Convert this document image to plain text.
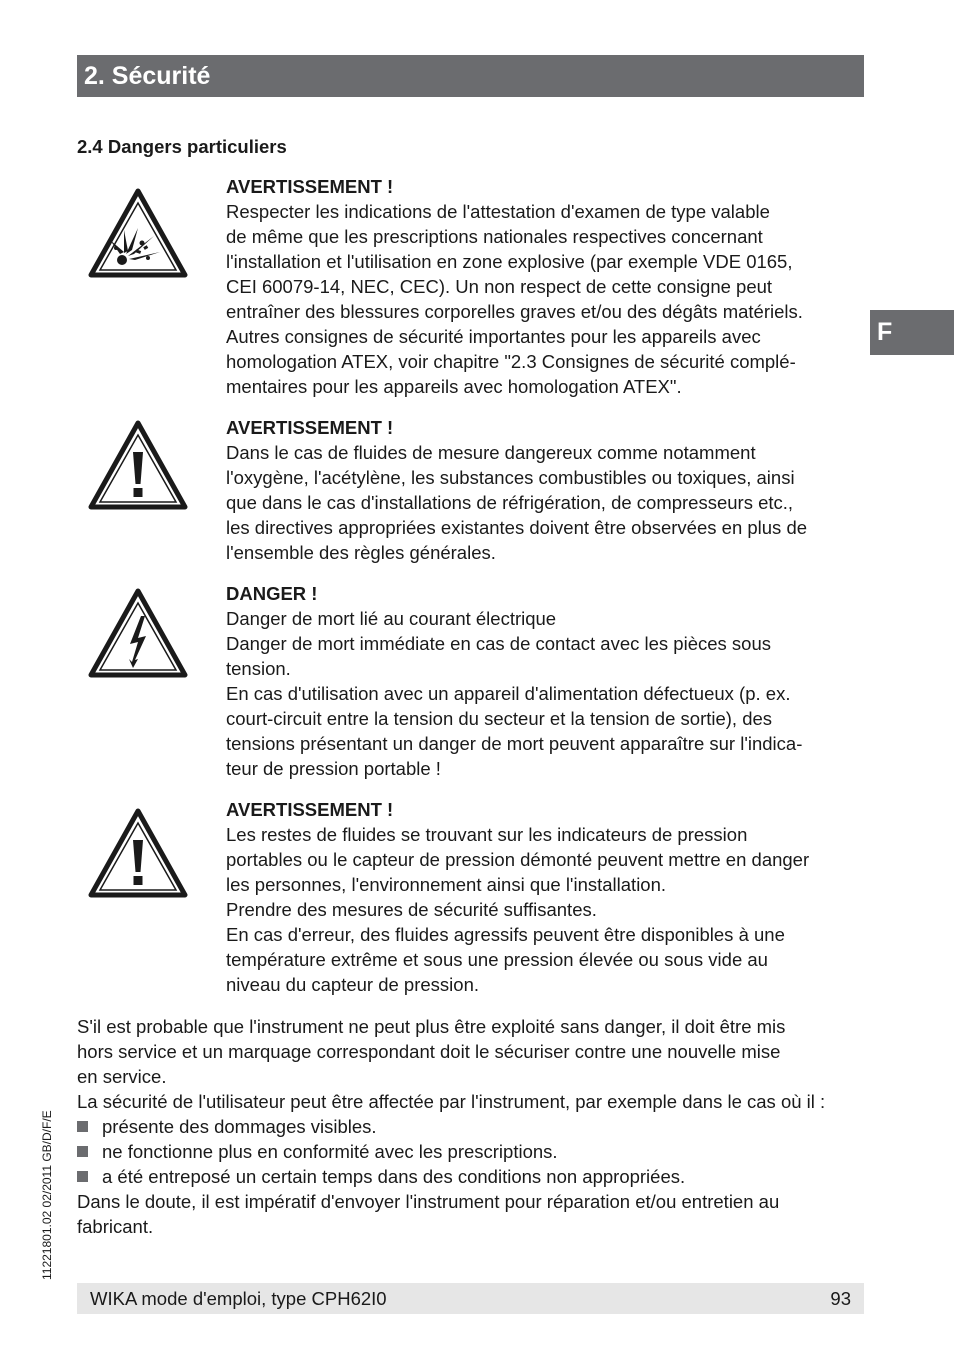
2. Sécurité
2.4 Dangers particuliers
F
AVERTISSEMENT !
Respecter les indications de l'attestation d'examen de type valable
de même que les prescriptions nationales respectives concernant
l'installation et l'utilisation en zone explosive (par exemple VDE 0165,
CEI 60079-14, NEC, CEC). Un non respect de cette consigne peut
entraîner des blessures corporelles graves et/ou des dégâts matériels.
Autres consignes de sécurité importantes pour les appareils avec
homologation ATEX, voir chapitre "2.3 Consignes de sécurité complé-
mentaires pour les appareils avec homologation ATEX".
AVERTISSEMENT !
Dans le cas de fluides de mesure dangereux comme notamment
l'oxygène, l'acétylène, les substances combustibles ou toxiques, ainsi
que dans le cas d'installations de réfrigération, de compresseurs etc.,
les directives appropriées existantes doivent être observées en plus de
l'ensemble des règles générales.
DANGER !
Danger de mort lié au courant électrique
Danger de mort immédiate en cas de contact avec les pièces sous
tension.
En cas d'utilisation avec un appareil d'alimentation défectueux (p. ex.
court-circuit entre la tension du secteur et la tension de sortie), des
tensions présentant un danger de mort peuvent apparaître sur l'indica-
teur de pression portable !
AVERTISSEMENT !
Les restes de fluides se trouvant sur les indicateurs de pression
portables ou le capteur de pression démonté peuvent mettre en danger
les personnes, l'environnement ainsi que l'installation.
Prendre des mesures de sécurité suffisantes.
En cas d'erreur, des fluides agressifs peuvent être disponibles à une
température extrême et sous une pression élevée ou sous vide au
niveau du capteur de pression.
S'il est probable que l'instrument ne peut plus être exploité sans danger, il doit être mis
hors service et un marquage correspondant doit le sécuriser contre une nouvelle mise
en service.
La sécurité de l'utilisateur peut être affectée par l'instrument, par exemple dans le cas où il :
présente des dommages visibles.
ne fonctionne plus en conformité avec les prescriptions.
a été entreposé un certain temps dans des conditions non appropriées.
Dans le doute, il est impératif d'envoyer l'instrument pour réparation et/ou entretien au
fabricant.
11221801.02 02/2011 GB/D/F/E
WIKA mode d'emploi, type CPH62I0	93
